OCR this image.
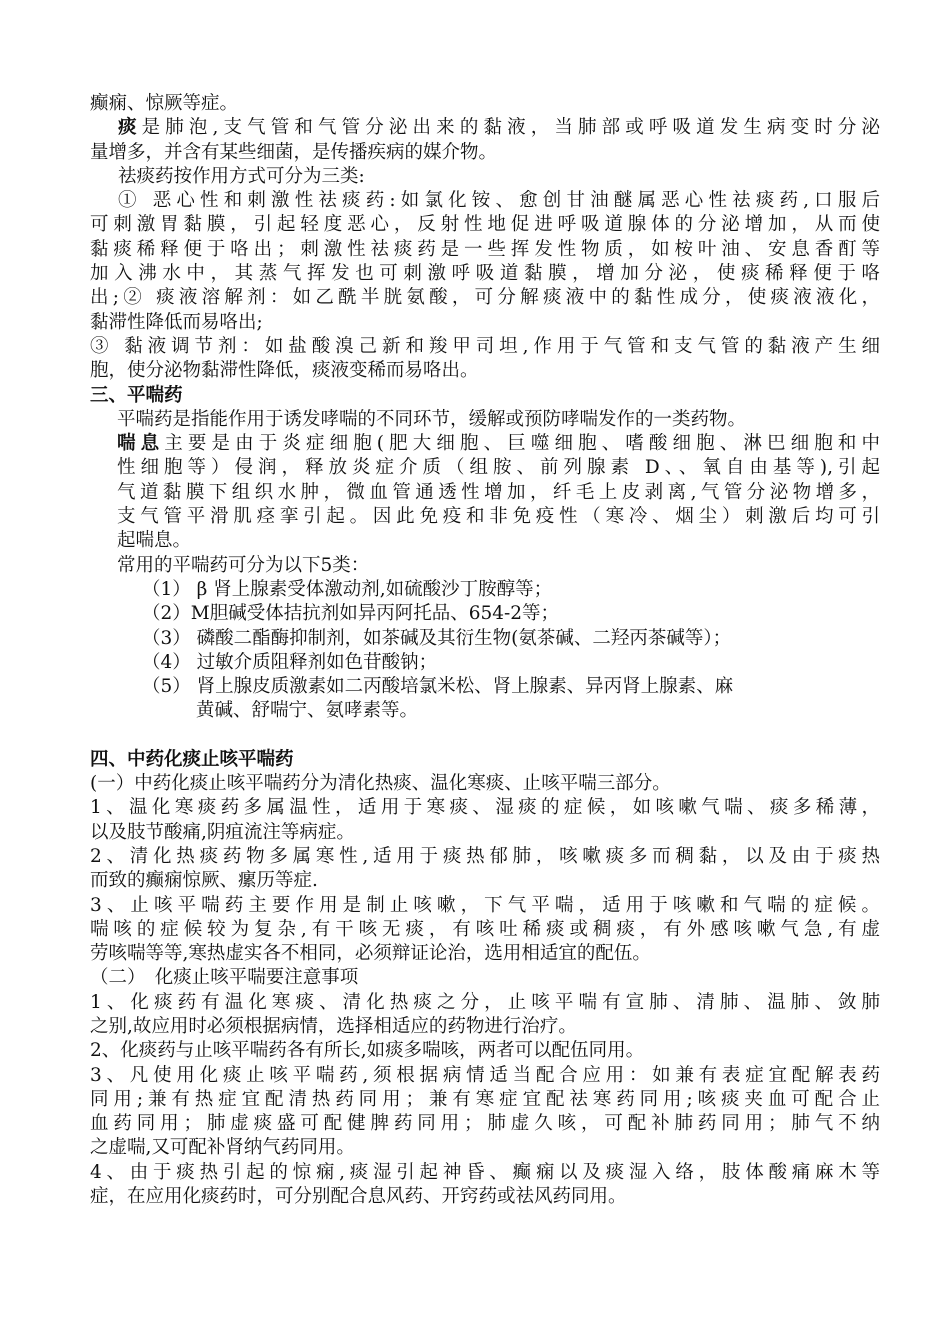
癫痫、惊厥等症。
痰是肺泡,支气管和气管分泌出来的黏液，当肺部或呼吸道发生病变时分泌
量增多，并含有某些细菌，是传播疾病的媒介物。
祛痰药按作用方式可分为三类:
① 恶心性和刺激性祛痰药:如氯化铵、愈创甘油醚属恶心性祛痰药,口服后
可刺激胃黏膜，引起轻度恶心，反射性地促进呼吸道腺体的分泌增加，从而使
黏痰稀释便于咯出；刺激性祛痰药是一些挥发性物质，如桉叶油、安息香酊等
加入沸水中，其蒸气挥发也可刺激呼吸道黏膜，增加分泌，使痰稀释便于咯
出;② 痰液溶解剂：如乙酰半胱氨酸，可分解痰液中的黏性成分，使痰液液化，
黏滞性降低而易咯出;
③ 黏液调节剂：如盐酸溴己新和羧甲司坦,作用于气管和支气管的黏液产生细
胞，使分泌物黏滞性降低，痰液变稀而易咯出。
三、平喘药
平喘药是指能作用于诱发哮喘的不同环节，缓解或预防哮喘发作的一类药物。
喘息主要是由于炎症细胞(肥大细胞、巨噬细胞、嗜酸细胞、淋巴细胞和中
性细胞等）侵润，释放炎症介质（组胺、前列腺素 D、、氧自由基等),引起
气道黏膜下组织水肿，微血管通透性增加，纤毛上皮剥离,气管分泌物增多，
支气管平滑肌痉挛引起。因此免疫和非免疫性（寒冷、烟尘）刺激后均可引
起喘息。
常用的平喘药可分为以下5类：
（1） β 肾上腺素受体激动剂,如硫酸沙丁胺醇等；
（2）M胆碱受体拮抗剂如异丙阿托品、654-2等；
（3） 磷酸二酯酶抑制剂，如茶碱及其衍生物(氨茶碱、二羟丙茶碱等）；
（4） 过敏介质阻释剂如色苷酸钠；
（5） 肾上腺皮质激素如二丙酸培氯米松、肾上腺素、异丙肾上腺素、麻
黄碱、舒喘宁、氨哮素等。
四、中药化痰止咳平喘药
(一）中药化痰止咳平喘药分为清化热痰、温化寒痰、止咳平喘三部分。
1、温化寒痰药多属温性，适用于寒痰、湿痰的症候，如咳嗽气喘、痰多稀薄，
以及肢节酸痛,阴疽流注等病症。
2、清化热痰药物多属寒性,适用于痰热郁肺，咳嗽痰多而稠黏，以及由于痰热
而致的癫痫惊厥、瘰历等症.
3、止咳平喘药主要作用是制止咳嗽，下气平喘，适用于咳嗽和气喘的症候。
喘咳的症候较为复杂,有干咳无痰，有咳吐稀痰或稠痰，有外感咳嗽气急,有虚
劳咳喘等等,寒热虚实各不相同，必须辩证论治，选用相适宜的配伍。
（二）　化痰止咳平喘要注意事项
1、化痰药有温化寒痰、清化热痰之分，止咳平喘有宣肺、清肺、温肺、敛肺
之别,故应用时必须根据病情，选择相适应的药物进行治疗。
2、化痰药与止咳平喘药各有所长,如痰多喘咳，两者可以配伍同用。
3、凡使用化痰止咳平喘药,须根据病情适当配合应用：如兼有表症宜配解表药
同用;兼有热症宜配清热药同用；兼有寒症宜配祛寒药同用;咳痰夹血可配合止
血药同用；肺虚痰盛可配健脾药同用；肺虚久咳，可配补肺药同用；肺气不纳
之虚喘,又可配补肾纳气药同用。
4、由于痰热引起的惊痫,痰湿引起神昏、癫痫以及痰湿入络，肢体酸痛麻木等
症，在应用化痰药时，可分别配合息风药、开窍药或祛风药同用。
